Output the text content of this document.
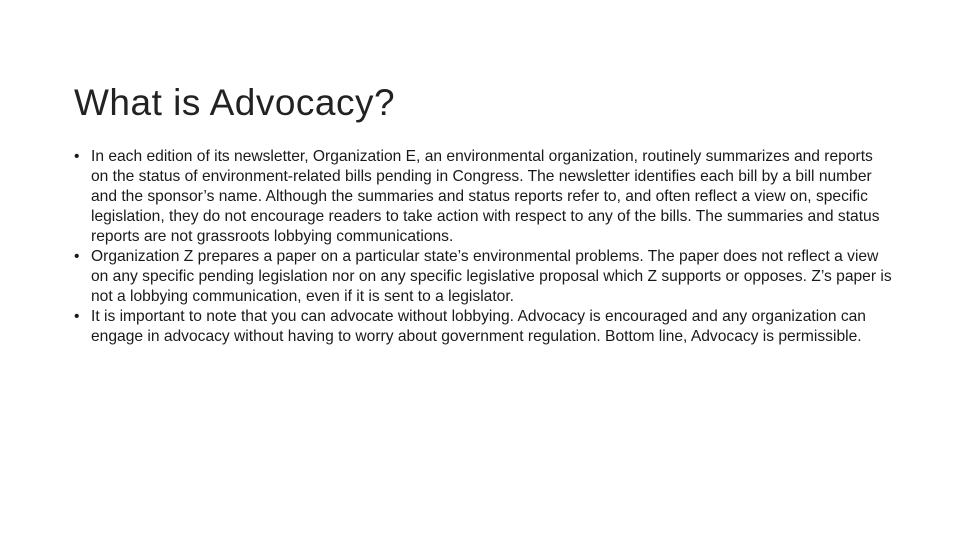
What is Advocacy?
• In each edition of its newsletter, Organization E, an environmental organization, routinely summarizes and reports on the status of environment-related bills pending in Congress. The newsletter identifies each bill by a bill number and the sponsor’s name. Although the summaries and status reports refer to, and often reflect a view on, specific legislation, they do not encourage readers to take action with respect to any of the bills. The summaries and status reports are not grassroots lobbying communications.
• Organization Z prepares a paper on a particular state’s environmental problems. The paper does not reflect a view on any specific pending legislation nor on any specific legislative proposal which Z supports or opposes. Z’s paper is not a lobbying communication, even if it is sent to a legislator.
• It is important to note that you can advocate without lobbying. Advocacy is encouraged and any organization can engage in advocacy without having to worry about government regulation. Bottom line, Advocacy is permissible.
